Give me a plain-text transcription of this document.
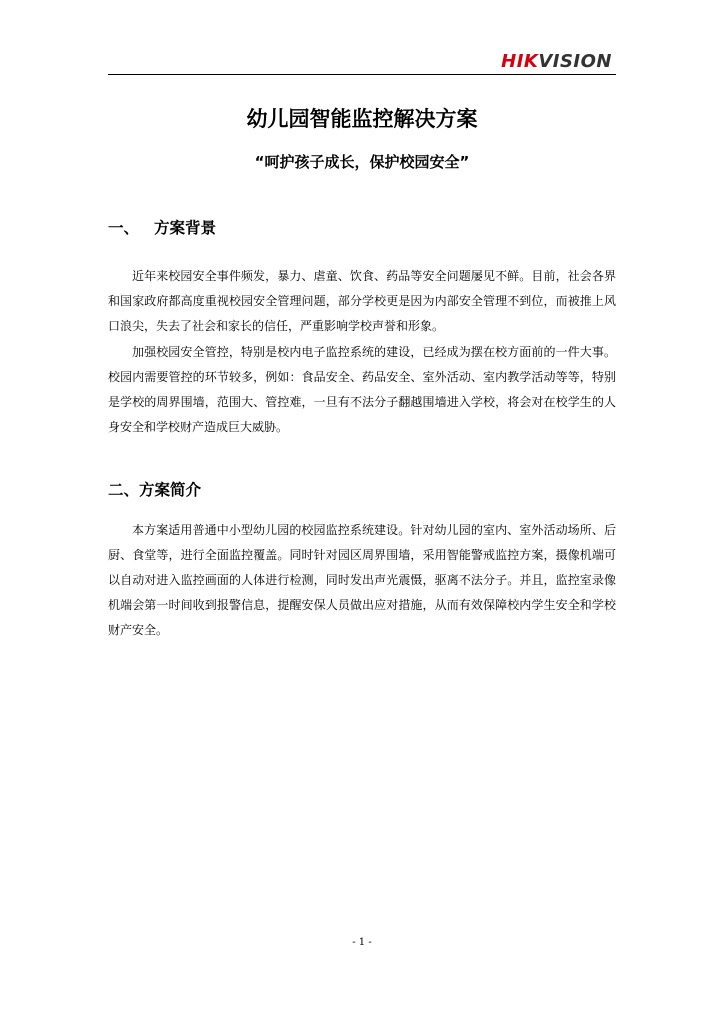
HIKVISION
幼儿园智能监控解决方案

“呵护孩子成长，保护校园安全”

一、 方案背景

近年来校园安全事件频发，暴力、虐童、饮食、药品等安全问题屡见不鲜。目前，社会各界和国家政府都高度重视校园安全管理问题，部分学校更是因为内部安全管理不到位，而被推上风口浪尖，失去了社会和家长的信任，严重影响学校声誉和形象。

加强校园安全管控，特别是校内电子监控系统的建设，已经成为摆在校方面前的一件大事。校园内需要管控的环节较多，例如：食品安全、药品安全、室外活动、室内教学活动等等，特别是学校的周界围墙，范围大、管控难，一旦有不法分子翻越围墙进入学校，将会对在校学生的人身安全和学校财产造成巨大威胁。

二、方案简介

本方案适用普通中小型幼儿园的校园监控系统建设。针对幼儿园的室内、室外活动场所、后厨、食堂等，进行全面监控覆盖。同时针对园区周界围墙，采用智能警戒监控方案，摄像机端可以自动对进入监控画面的人体进行检测，同时发出声光震慑，驱离不法分子。并且，监控室录像机端会第一时间收到报警信息，提醒安保人员做出应对措施，从而有效保障校内学生安全和学校财产安全。

- 1 -
